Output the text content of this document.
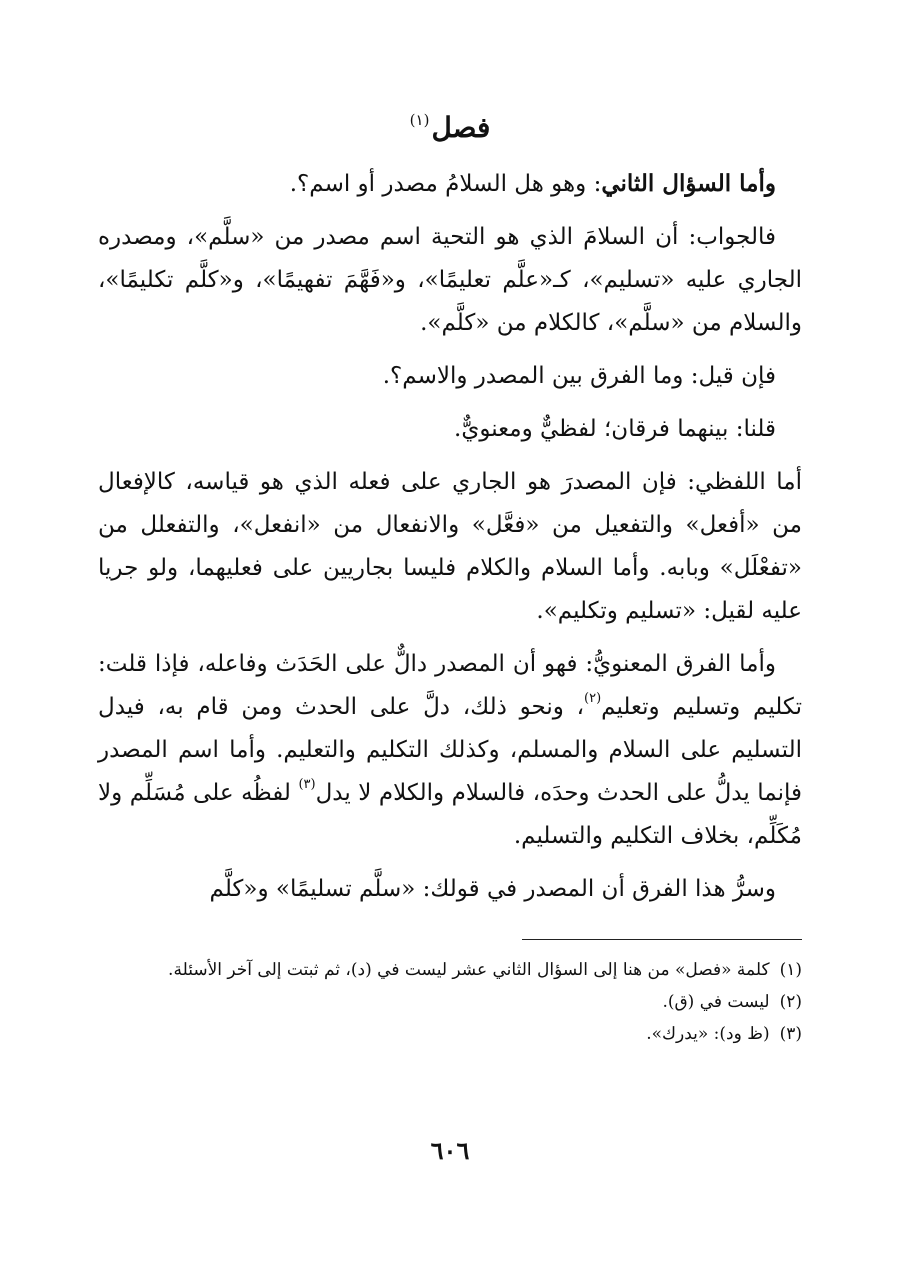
فصل$^{(١)}$

وأما السؤال الثاني: وهو هل السلامُ مصدر أو اسم؟.

فالجواب: أن السلامَ الذي هو التحية اسم مصدر من «سلَّم»، ومصدره الجاري عليه «تسليم»، كـ«علَّم تعليمًا»، و«فَهَّمَ تفهيمًا»، و«كلَّم تكليمًا»، والسلام من «سلَّم»، كالكلام من «كلَّم».

فإن قيل: وما الفرق بين المصدر والاسم؟.

قلنا: بينهما فرقان؛ لفظيٌّ ومعنويٌّ.

أما اللفظي: فإن المصدرَ هو الجاري على فعله الذي هو قياسه، كالإفعال من «أفعل» والتفعيل من «فعَّل» والانفعال من «انفعل»، والتفعلل من «تفعْلَل» وبابه. وأما السلام والكلام فليسا بجاريين على فعليهما، ولو جريا عليه لقيل: «تسليم وتكليم».

وأما الفرق المعنويُّ: فهو أن المصدر دالٌّ على الحَدَث وفاعله، فإذا قلت: تكليم وتسليم وتعليم$^{(٢)}$، ونحو ذلك، دلَّ على الحدث ومن قام به، فيدل التسليم على السلام والمسلم، وكذلك التكليم والتعليم. وأما اسم المصدر فإنما يدلُّ على الحدث وحدَه، فالسلام والكلام لا يدل$^{(٣)}$ لفظُه على مُسَلِّم ولا مُكَلِّم، بخلاف التكليم والتسليم.

وسرُّ هذا الفرق أن المصدر في قولك: «سلَّم تسليمًا» و«كلَّم

(١)كلمة «فصل» من هنا إلى السؤال الثاني عشر ليست في (د)، ثم ثبتت إلى آخر الأسئلة.

(٢)ليست في (ق).

(٣)(ظ ود): «يدرك».

٦٠٦
